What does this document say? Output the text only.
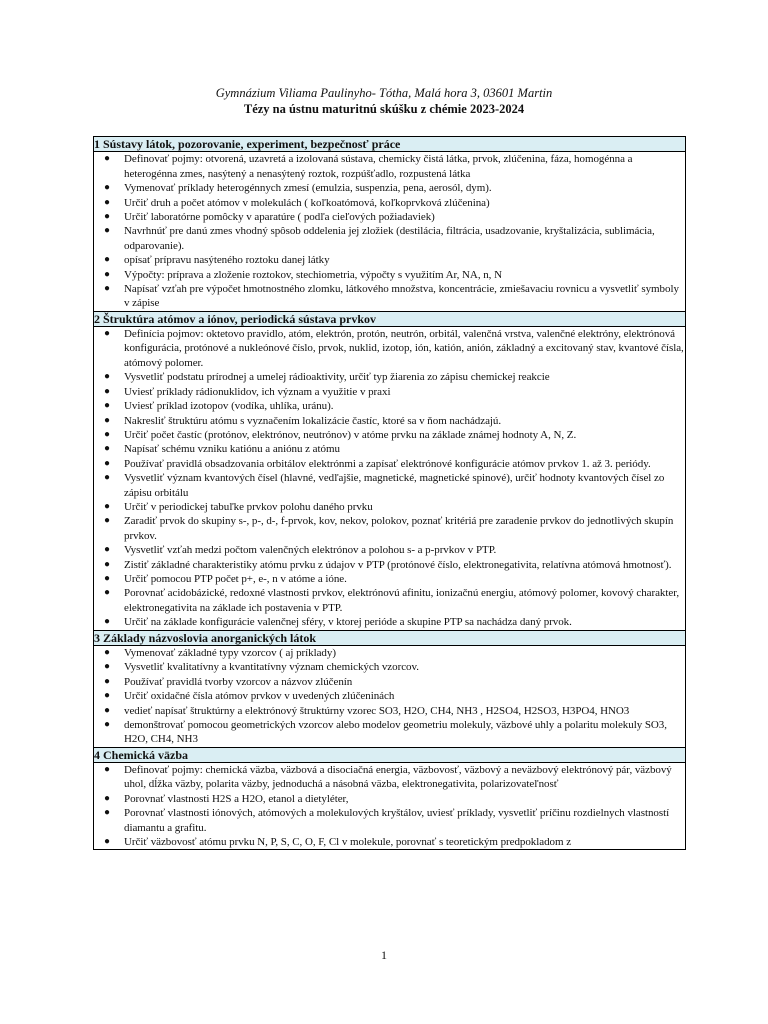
Gymnázium Viliama Paulinyho- Tótha, Malá hora 3, 03601 Martin
Tézy na ústnu maturitnú skúšku z chémie 2023-2024
1 Sústavy látok, pozorovanie, experiment, bezpečnosť práce

● Definovať pojmy: otvorená, uzavretá a izolovaná sústava, chemicky čistá látka, prvok, zlúčenina, fáza, homogénna a heterogénna zmes, nasýtený a nenasýtený roztok, rozpúšťadlo, rozpustená látka
● Vymenovať príklady heterogénnych zmesí (emulzia, suspenzia, pena, aerosól, dym).
● Určiť druh a počet atómov v molekulách ( koľkoatómová, koľkoprvková zlúčenina)
● Určiť laboratórne pomôcky v aparatúre ( podľa cieľových požiadaviek)
● Navrhnúť pre danú zmes vhodný spôsob oddelenia jej zložiek (destilácia, filtrácia, usadzovanie, kryštalizácia, sublimácia, odparovanie).
● opísať prípravu nasýteného roztoku danej látky
● Výpočty: príprava a zloženie roztokov, stechiometria, výpočty s využitím Ar, NA, n, N
● Napísať vzťah pre výpočet hmotnostného zlomku, látkového množstva, koncentrácie, zmiešavaciu rovnicu a vysvetliť symboly v zápise

2 Štruktúra atómov a iónov, periodická sústava prvkov

● Definícia pojmov: oktetovo pravidlo, atóm, elektrón, protón, neutrón, orbitál, valenčná vrstva, valenčné elektróny, elektrónová konfigurácia, protónové a nukleónové číslo, prvok, nuklid, izotop, ión, katión, anión, základný a excitovaný stav, kvantové čísla, atómový polomer.
● Vysvetliť podstatu prírodnej a umelej rádioaktivity, určiť typ žiarenia zo zápisu chemickej reakcie
● Uviesť príklady rádionuklidov, ich význam a využitie v praxi
● Uviesť príklad izotopov (vodíka, uhlíka, uránu).
● Nakresliť štruktúru atómu s vyznačením lokalizácie častíc, ktoré sa v ňom nachádzajú.
● Určiť počet častíc (protónov, elektrónov, neutrónov) v atóme prvku na základe známej hodnoty A, N, Z.
● Napísať schému vzniku katiónu a aniónu z atómu
● Používať pravidlá obsadzovania orbitálov elektrónmi a zapísať elektrónové konfigurácie atómov prvkov 1. až 3. periódy.
● Vysvetliť význam kvantových čísel (hlavné, vedľajšie, magnetické, magnetické spinové), určiť hodnoty kvantových čísel zo zápisu orbitálu
● Určiť v periodickej tabuľke prvkov polohu daného prvku
● Zaradiť prvok do skupiny s-, p-, d-, f-prvok, kov, nekov, polokov, poznať kritériá pre zaradenie prvkov do jednotlivých skupín prvkov.
● Vysvetliť vzťah medzi počtom valenčných elektrónov a polohou s- a p-prvkov v PTP.
● Zistiť základné charakteristiky atómu prvku z údajov v PTP (protónové číslo, elektronegativita, relatívna atómová hmotnosť).
● Určiť pomocou PTP počet p+, e-, n v atóme a ióne.
● Porovnať acidobázické, redoxné vlastnosti prvkov, elektrónovú afinitu, ionizačnú energiu, atómový polomer, kovový charakter, elektronegativita na základe ich postavenia v PTP.
● Určiť na základe konfigurácie valenčnej sféry, v ktorej perióde a skupine PTP sa nachádza daný prvok.

3 Základy názvoslovia anorganických látok

● Vymenovať základné typy vzorcov ( aj príklady)
● Vysvetliť kvalitatívny a kvantitatívny význam chemických vzorcov.
● Používať pravidlá tvorby vzorcov a názvov zlúčenín
● Určiť oxidačné čísla atómov prvkov v uvedených zlúčeninách
● vedieť napísať štruktúrny a elektrónový štruktúrny vzorec SO3, H2O, CH4, NH3 , H2SO4, H2SO3, H3PO4, HNO3
● demonštrovať pomocou geometrických vzorcov alebo modelov geometriu molekuly, väzbové uhly a polaritu molekuly SO3, H2O, CH4, NH3

4 Chemická väzba

● Definovať pojmy: chemická väzba, väzbová a disociačná energia, väzbovosť, väzbový a neväzbový elektrónový pár, väzbový uhol, dĺžka väzby, polarita väzby, jednoduchá a násobná väzba, elektronegativita, polarizovateľnosť
● Porovnať vlastnosti H2S a H2O, etanol a dietyléter,
● Porovnať vlastnosti iónových, atómových a molekulových kryštálov, uviesť príklady, vysvetliť príčinu rozdielnych vlastností diamantu a grafitu.
● Určiť väzbovosť atómu prvku N, P, S, C, O, F, Cl v molekule, porovnať s teoretickým predpokladom z
1
